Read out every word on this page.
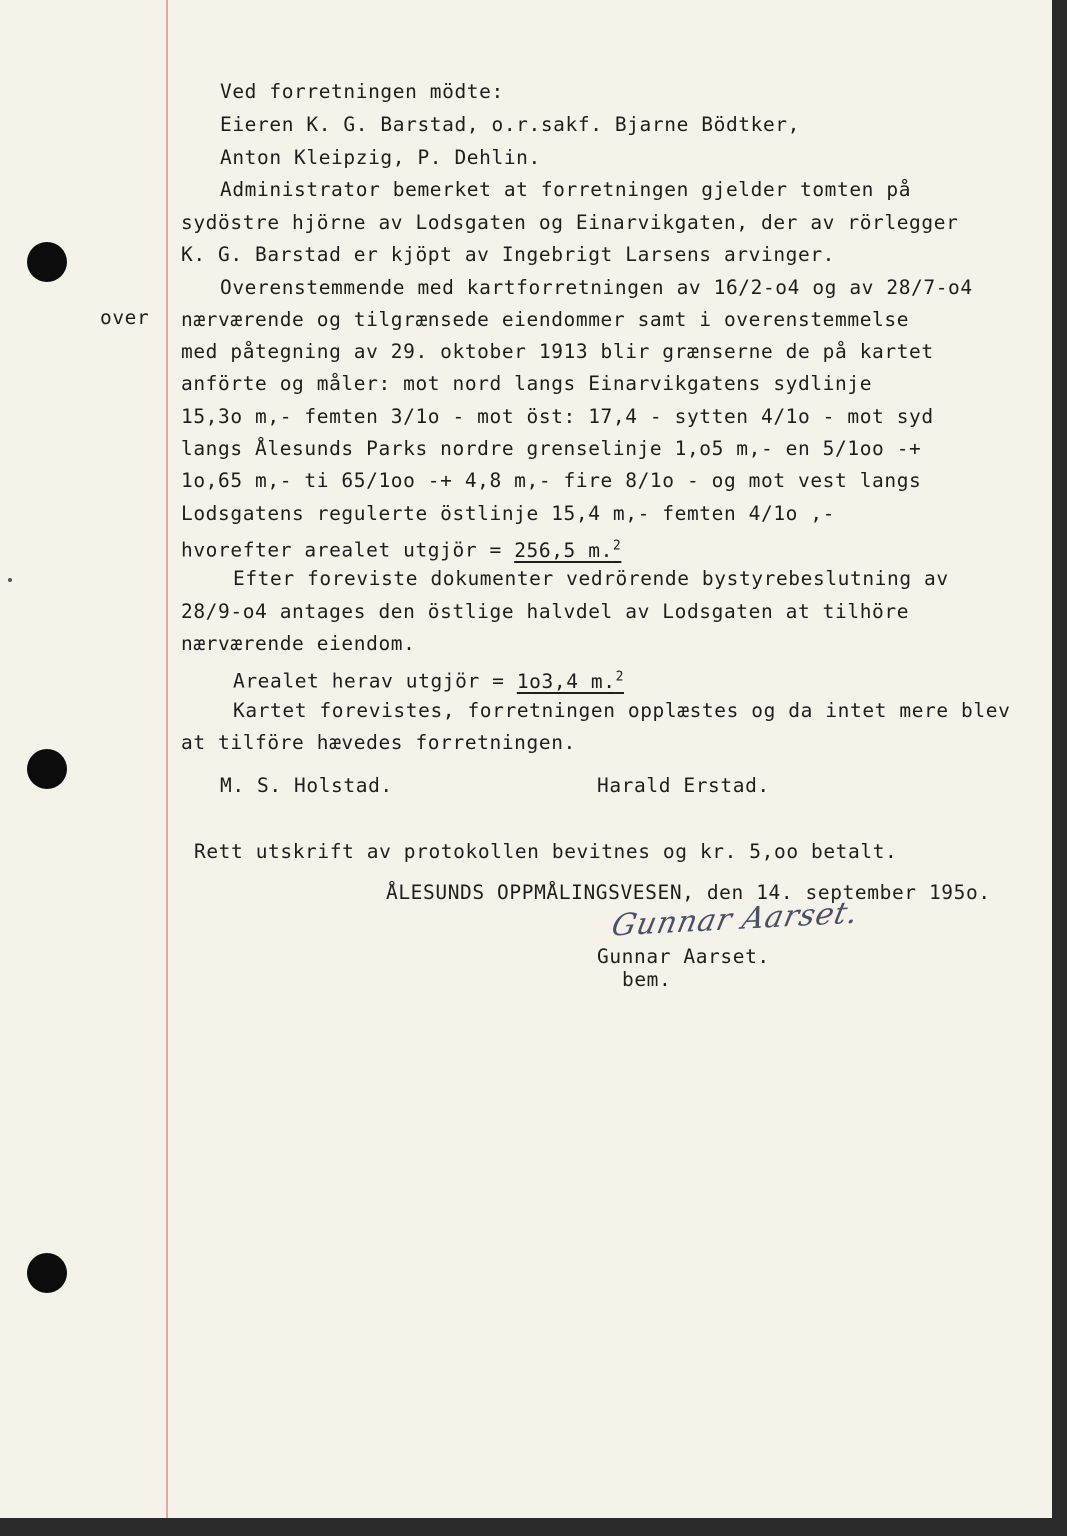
over
Ved forretningen mödte:
Eieren K. G. Barstad, o.r.sakf. Bjarne Bödtker,
Anton Kleipzig, P. Dehlin.
Administrator bemerket at forretningen gjelder tomten på
sydöstre hjörne av Lodsgaten og Einarvikgaten, der av rörlegger
K. G. Barstad er kjöpt av Ingebrigt Larsens arvinger.
Overenstemmende med kartforretningen av 16/2-o4 og av 28/7-o4
nærværende og tilgrænsede eiendommer samt i overenstemmelse
med påtegning av 29. oktober 1913 blir grænserne de på kartet
anförte og måler: mot nord langs Einarvikgatens sydlinje
15,3o m,- femten 3/1o - mot öst: 17,4 - sytten 4/1o - mot syd
langs Ålesunds Parks nordre grenselinje 1,o5 m,- en 5/1oo -+
1o,65 m,- ti 65/1oo -+ 4,8 m,- fire 8/1o - og mot vest langs
Lodsgatens regulerte östlinje 15,4 m,- femten 4/1o ,-
hvorefter arealet utgjör = 256,5 m.$^2$
Efter foreviste dokumenter vedrörende bystyrebeslutning av
28/9-o4 antages den östlige halvdel av Lodsgaten at tilhöre
nærværende eiendom.
Arealet herav utgjör = 1o3,4 m.$^2$
Kartet forevistes, forretningen opplæstes og da intet mere blev
at tilföre hævedes forretningen.
M. S. Holstad.	Harald Erstad.
Rett utskrift av protokollen bevitnes og kr. 5,oo betalt.
ÅLESUNDS OPPMÅLINGSVESEN, den 14. september 195o.
Gunnar Aarset.
Gunnar Aarset.
bem.
